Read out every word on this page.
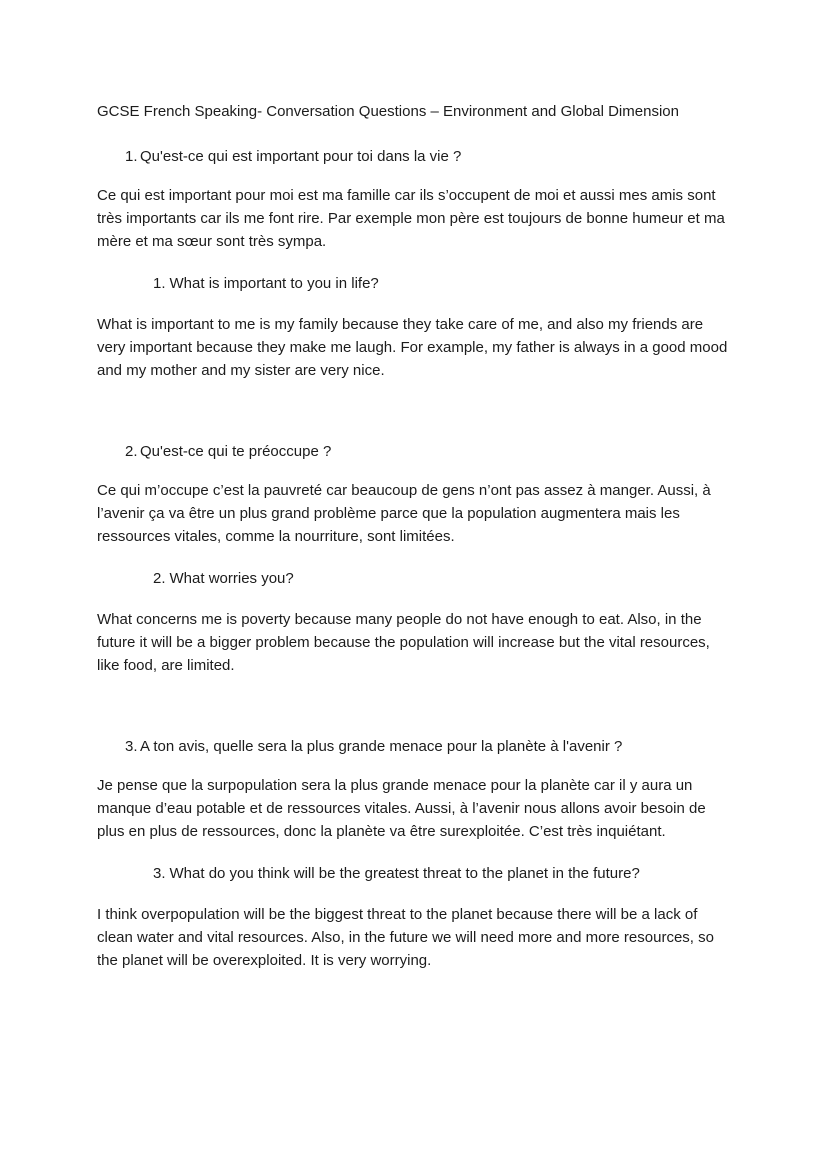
GCSE French Speaking- Conversation Questions – Environment and Global Dimension

1. Qu'est-ce qui est important pour toi dans la vie ?

Ce qui est important pour moi est ma famille car ils s’occupent de moi et aussi mes amis sont très importants car ils me font rire. Par exemple mon père est toujours de bonne humeur et ma mère et ma sœur sont très sympa.

1. What is important to you in life?

What is important to me is my family because they take care of me, and also my friends are very important because they make me laugh. For example, my father is always in a good mood and my mother and my sister are very nice.

2. Qu'est-ce qui te préoccupe ?

Ce qui m’occupe c’est la pauvreté car beaucoup de gens n’ont pas assez à manger. Aussi, à l’avenir ça va être un plus grand problème parce que la population augmentera mais les ressources vitales, comme la nourriture, sont limitées.

2. What worries you?

What concerns me is poverty because many people do not have enough to eat. Also, in the future it will be a bigger problem because the population will increase but the vital resources, like food, are limited.

3. A ton avis, quelle sera la plus grande menace pour la planète à l'avenir ?

Je pense que la surpopulation sera la plus grande menace pour la planète car il y aura un manque d’eau potable et de ressources vitales. Aussi, à l’avenir nous allons avoir besoin de plus en plus de ressources, donc la planète va être surexploitée. C’est très inquiétant.

3. What do you think will be the greatest threat to the planet in the future?

I think overpopulation will be the biggest threat to the planet because there will be a lack of clean water and vital resources. Also, in the future we will need more and more resources, so the planet will be overexploited. It is very worrying.
